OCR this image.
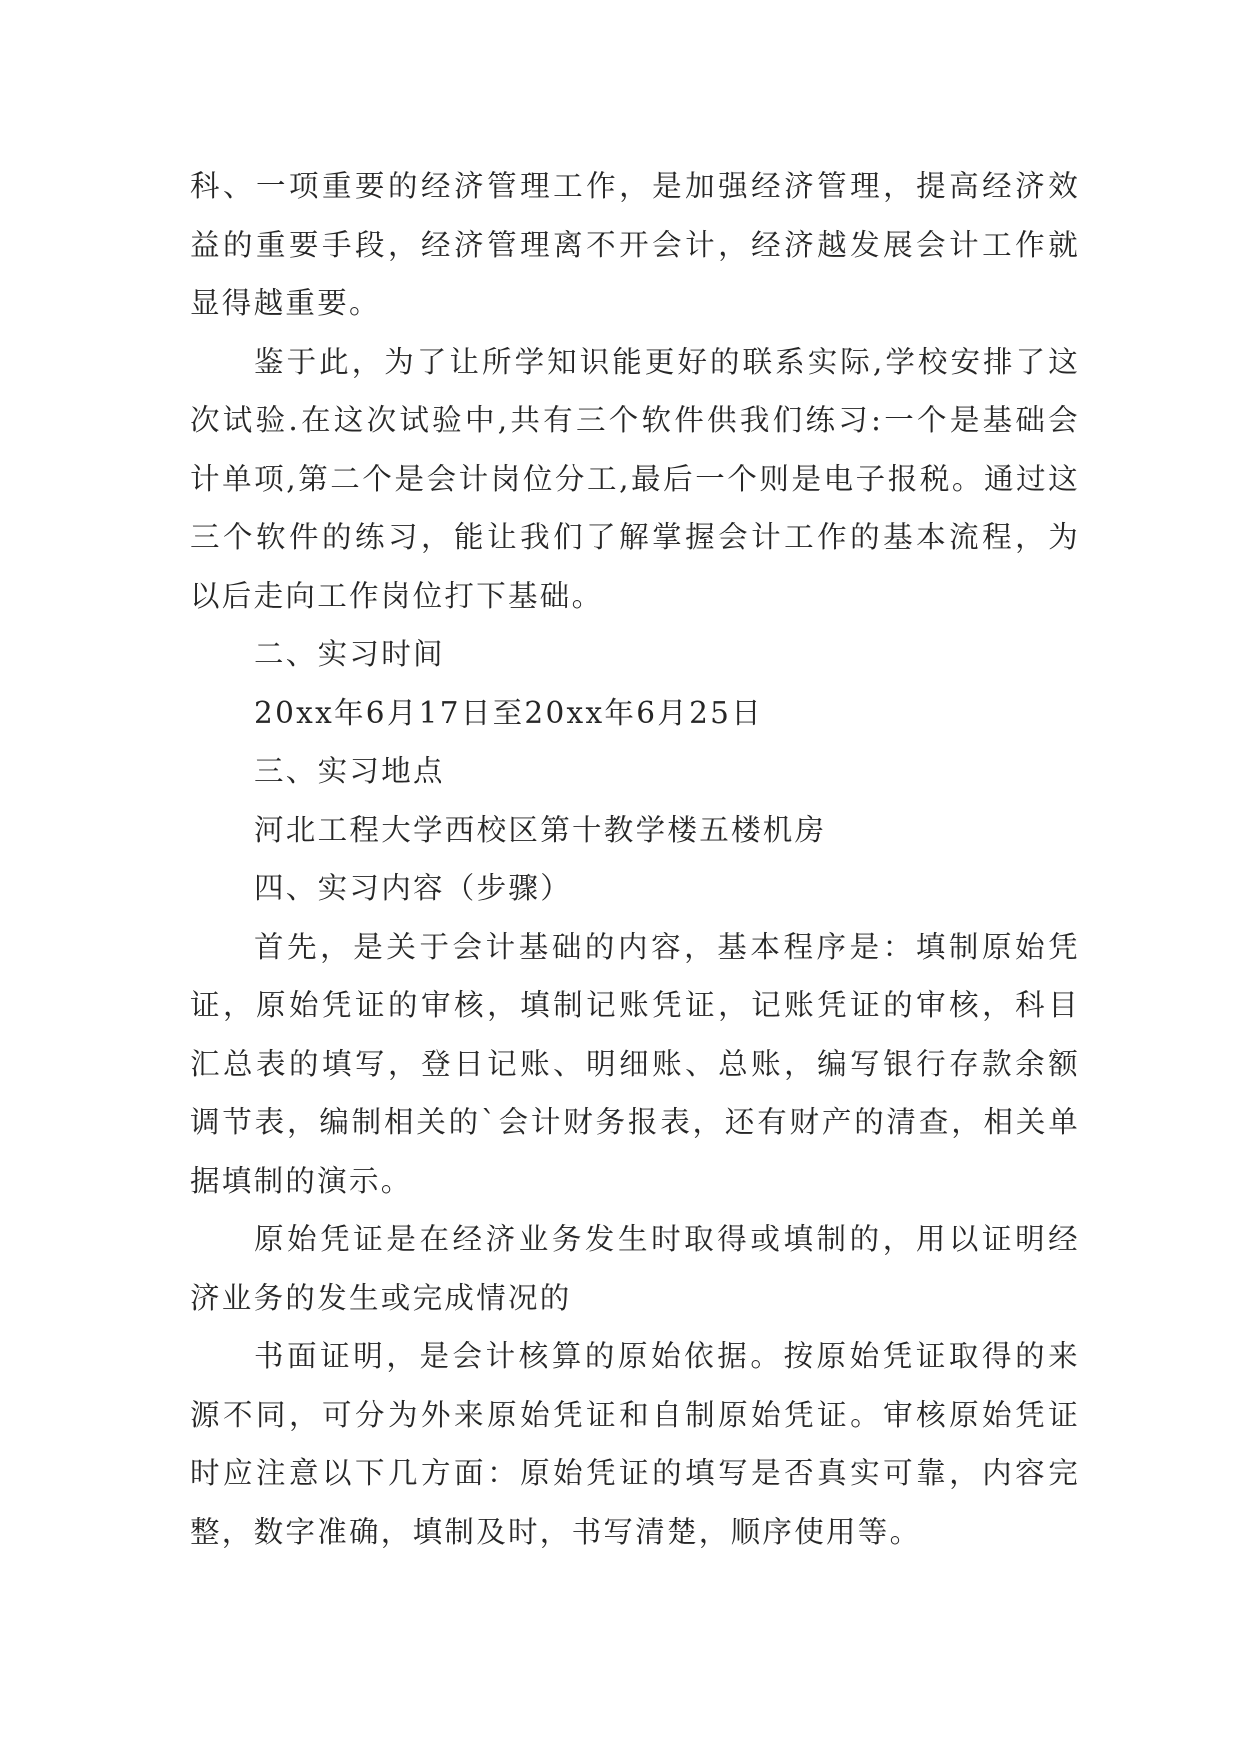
科、一项重要的经济管理工作，是加强经济管理，提高经济效益的重要手段，经济管理离不开会计，经济越发展会计工作就显得越重要。

鉴于此，为了让所学知识能更好的联系实际,学校安排了这次试验.在这次试验中,共有三个软件供我们练习:一个是基础会计单项,第二个是会计岗位分工,最后一个则是电子报税。通过这三个软件的练习，能让我们了解掌握会计工作的基本流程，为以后走向工作岗位打下基础。

二、实习时间

20xx年6月17日至20xx年6月25日

三、实习地点

河北工程大学西校区第十教学楼五楼机房

四、实习内容（步骤）

首先，是关于会计基础的内容，基本程序是：填制原始凭证，原始凭证的审核，填制记账凭证，记账凭证的审核，科目汇总表的填写，登日记账、明细账、总账，编写银行存款余额调节表，编制相关的`会计财务报表，还有财产的清查，相关单据填制的演示。

原始凭证是在经济业务发生时取得或填制的，用以证明经济业务的发生或完成情况的

书面证明，是会计核算的原始依据。按原始凭证取得的来源不同，可分为外来原始凭证和自制原始凭证。审核原始凭证时应注意以下几方面：原始凭证的填写是否真实可靠，内容完整，数字准确，填制及时，书写清楚，顺序使用等。
